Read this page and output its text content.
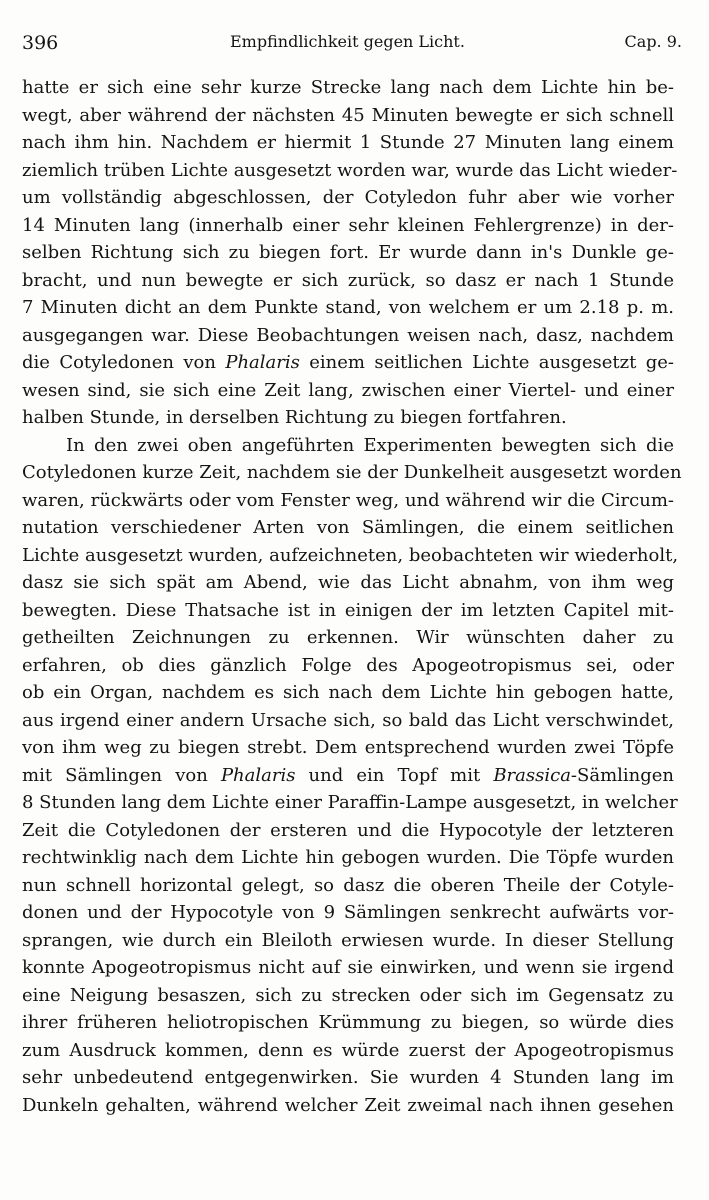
396	Empfindlichkeit gegen Licht.	Cap. 9.
hatte er sich eine sehr kurze Strecke lang nach dem Lichte hin be-
wegt, aber während der nächsten 45 Minuten bewegte er sich schnell
nach ihm hin. Nachdem er hiermit 1 Stunde 27 Minuten lang einem
ziemlich trüben Lichte ausgesetzt worden war, wurde das Licht wieder-
um vollständig abgeschlossen, der Cotyledon fuhr aber wie vorher
14 Minuten lang (innerhalb einer sehr kleinen Fehlergrenze) in der-
selben Richtung sich zu biegen fort. Er wurde dann in's Dunkle ge-
bracht, und nun bewegte er sich zurück, so dasz er nach 1 Stunde
7 Minuten dicht an dem Punkte stand, von welchem er um 2.18 p. m.
ausgegangen war. Diese Beobachtungen weisen nach, dasz, nachdem
die Cotyledonen von Phalaris einem seitlichen Lichte ausgesetzt ge-
wesen sind, sie sich eine Zeit lang, zwischen einer Viertel- und einer
halben Stunde, in derselben Richtung zu biegen fortfahren.
In den zwei oben angeführten Experimenten bewegten sich die
Cotyledonen kurze Zeit, nachdem sie der Dunkelheit ausgesetzt worden
waren, rückwärts oder vom Fenster weg, und während wir die Circum-
nutation verschiedener Arten von Sämlingen, die einem seitlichen
Lichte ausgesetzt wurden, aufzeichneten, beobachteten wir wiederholt,
dasz sie sich spät am Abend, wie das Licht abnahm, von ihm weg
bewegten. Diese Thatsache ist in einigen der im letzten Capitel mit-
getheilten Zeichnungen zu erkennen. Wir wünschten daher zu
erfahren, ob dies gänzlich Folge des Apogeotropismus sei, oder
ob ein Organ, nachdem es sich nach dem Lichte hin gebogen hatte,
aus irgend einer andern Ursache sich, so bald das Licht verschwindet,
von ihm weg zu biegen strebt. Dem entsprechend wurden zwei Töpfe
mit Sämlingen von Phalaris und ein Topf mit Brassica-Sämlingen
8 Stunden lang dem Lichte einer Paraffin-Lampe ausgesetzt, in welcher
Zeit die Cotyledonen der ersteren und die Hypocotyle der letzteren
rechtwinklig nach dem Lichte hin gebogen wurden. Die Töpfe wurden
nun schnell horizontal gelegt, so dasz die oberen Theile der Cotyle-
donen und der Hypocotyle von 9 Sämlingen senkrecht aufwärts vor-
sprangen, wie durch ein Bleiloth erwiesen wurde. In dieser Stellung
konnte Apogeotropismus nicht auf sie einwirken, und wenn sie irgend
eine Neigung besaszen, sich zu strecken oder sich im Gegensatz zu
ihrer früheren heliotropischen Krümmung zu biegen, so würde dies
zum Ausdruck kommen, denn es würde zuerst der Apogeotropismus
sehr unbedeutend entgegenwirken. Sie wurden 4 Stunden lang im
Dunkeln gehalten, während welcher Zeit zweimal nach ihnen gesehen
